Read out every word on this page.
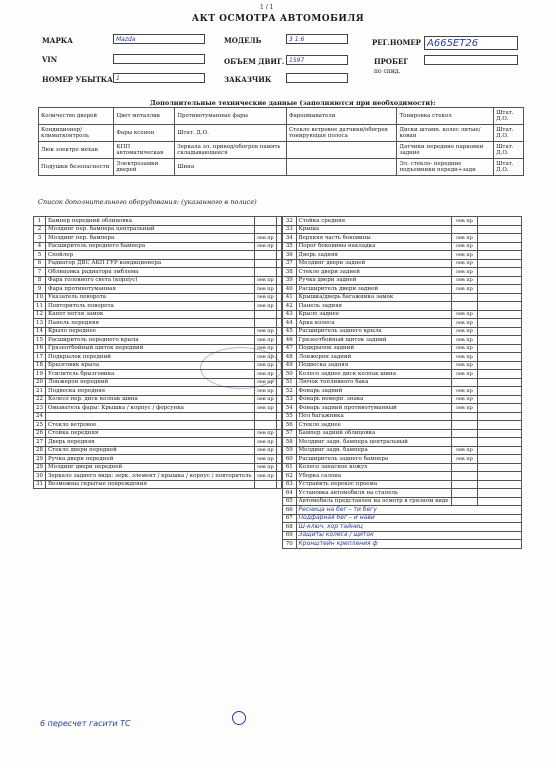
1 / 1
АКТ ОСМОТРА АВТОМОБИЛЯ
МАРКА	Mazda	МОДЕЛЬ	3 1.6	РЕГ.НОМЕР А665ЕТ26
VIN	ОБЪЕМ ДВИГ. 1597	ПРОБЕГ
по спид.
НОМЕР УБЫТКА 1	ЗАКАЗЧИК
Дополнительные технические данные (заполняются при необходимости):
Количество дверей	Цвет металлик	Противотуманные фары	Фароомыватели	Тонировка стекол	Штат. Д.О.
Кондиционер/ климатконтроль	Фары ксенон	Штат. Д.О.	Стекло ветровое датчики/обогрев тонирующая полоса	Диски штамп. колес литые/кован	Штат. Д.О.
Люк электро механ	КПП автоматическая	Зеркала эл. привод/обогрев память складывающееся		Датчики передние парковки задние	Штат. Д.О.
Подушки безопасности	Электрозамки дверей	Шина		Эл. стекло- передние подъемники передн+задн	Штат. Д.О.
Список дополнительного оборудования: (указанного в полисе)
1	Бампер передний облицовка		
2	Молдинг пер. бампера центральный		
3	Молдинг пер. бампера	лев пр	
4	Расширитель переднего бампера	лев пр	
5	Спойлер		
6	Радиатор ДВС АКП ГУР кондиционера		
7	Облицовка радиатора эмблема		
8	Фара головного света (корпус)	лев пр	
9	Фара противотуманная	лев пр	
10	Указатель поворота	лев пр	
11	Повторитель поворота	лев пр	
12	Капот петля замок		
13	Панель передняя		
14	Крыло переднее	лев пр	
15	Расширитель переднего крыла	лев пр	
16	Грязеотбойный щиток передний	лев пр	
17	Подкрылок передний	лев пр	
18	Брызговик крыла	лев пр	
19	Усилитель брызговика	лев пр	
20	Лонжерон передний	лев пр	
21	Подвеска передняя	лев пр	
22	Колесо пер. диск колпак шина	лев пр	
23	Омыватель фары: Крышка / корпус / форсунка	лев пр	
24			
25	Стекло ветровое		
26	Стойка передняя	лев пр	
27	Дверь передняя	лев пр	
28	Стекло двери передней	лев пр	
29	Ручка двери передней	лев пр	
29	Молдинг двери передней	лев пр	
30	Зеркало заднего вида: зерк. элемент / крышка / корпус / повторитель	лев пр	
31	Возможны скрытые повреждения		
32	Стойка средняя	лев пр	
33	Крыша		
34	Верхняя часть боковины	лев пр	
35	Порог боковины накладка	лев пр	
36	Дверь задняя	лев пр	
37	Молдинг двери задней	лев пр	
38	Стекло двери задней	лев пр	
39	Ручка двери задней	лев пр	
40	Расширитель двери задней	лев пр	
41	Крышка/дверь багажника замок		
42	Панель задняя		
43	Крыло заднее	лев пр	
44	Арка колеса	лев пр	
45	Расширитель заднего крыла	лев пр	
46	Грязеотбойный щиток задний	лев пр	
47	Подкрылок задний	лев пр	
48	Лонжерон задний	лев пр	
49	Подвеска задняя	лев пр	
50	Колесо заднее диск колпак шина	лев пр	
51	Лючок топливного бака		
52	Фонарь задний	лев пр	
53	Фонарь номерн. знака	лев пр	
54	Фонарь задний противотуманный	лев пр	
55	Пол багажника		
56	Стекло заднее		
57	Бампер задний облицовка		
58	Молдинг задн. бампера центральный		
59	Молдинг задн. бампера	лев пр	
60	Расширитель заднего бампера	лев пр	
61	Колесо запасное кожух		
62	Уборка салона		
63	Устранить перекос проема		
64	Установка автомобиля на стапель		
65	Автомобиль представлен на осмотр в грязном виде		
66	Ресница на бег – ти бегу		
67	Подфарная бег – и нави		
68	Ш-ключ. хор тайниц		
69	Защиты колеса / щиток		
70	Кронштейн крепления ф		
6 пересчет гасити ТС
